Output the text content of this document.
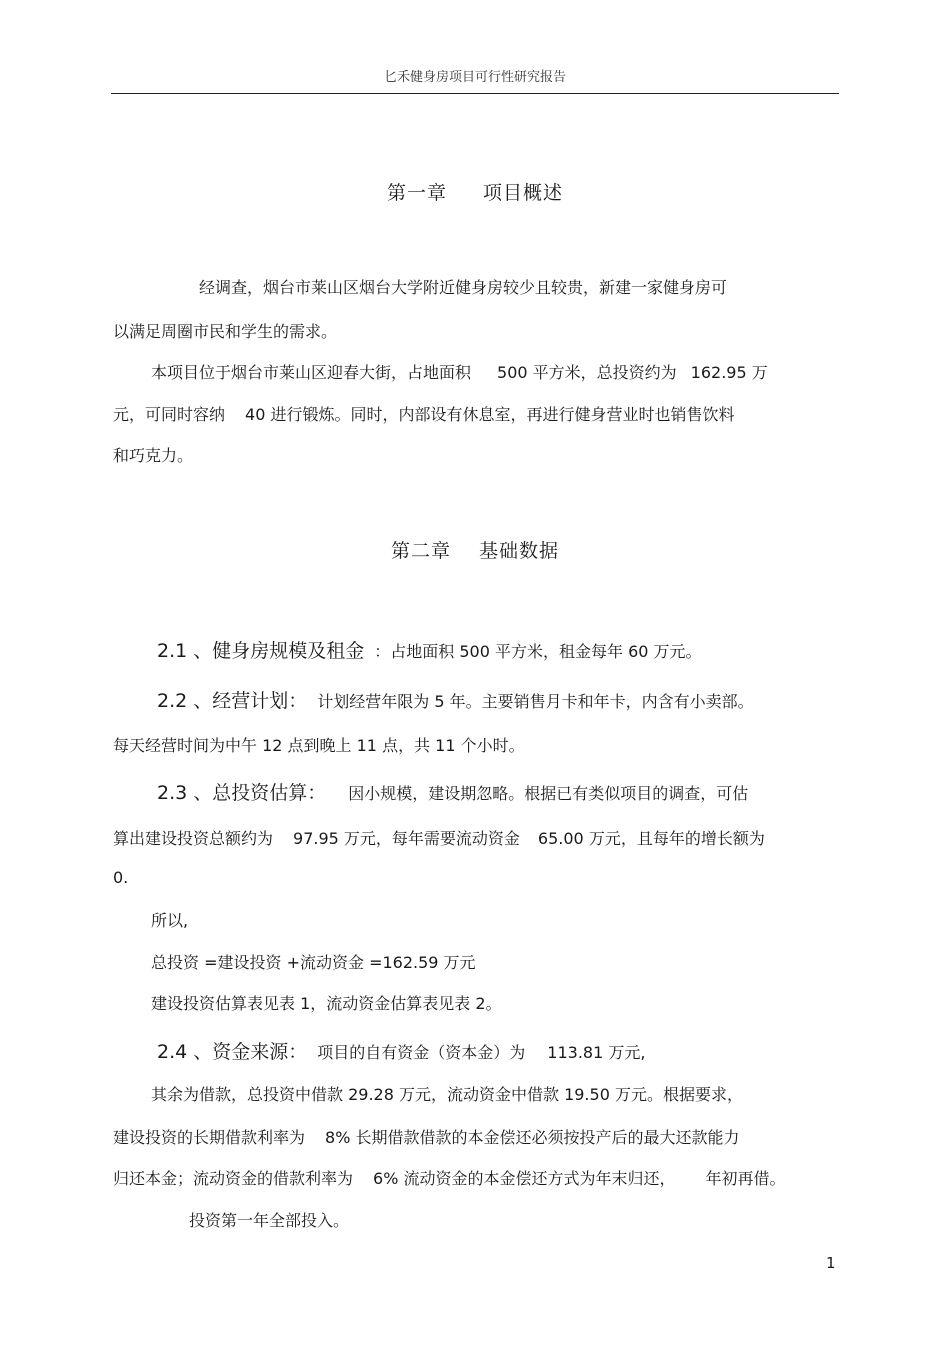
匕禾健身房项目可行性研究报告
第一章 项目概述
经调查，烟台市莱山区烟台大学附近健身房较少且较贵，新建一家健身房可
以满足周圈市民和学生的需求。
本项目位于烟台市莱山区迎春大街，占地面积 500 平方米，总投资约为 162.95 万
元，可同时容纳 40 进行锻炼。同时，内部设有休息室，再进行健身营业时也销售饮料
和巧克力。
第二章 基础数据
2.1 、健身房规模及租金 ：占地面积 500 平方米，租金每年 60 万元。
2.2 、经营计划： 计划经营年限为 5 年。主要销售月卡和年卡，内含有小卖部。
每天经营时间为中午 12 点到晚上 11 点，共 11 个小时。
2.3 、总投资估算： 因小规模，建设期忽略。根据已有类似项目的调查，可估
算出建设投资总额约为 97.95 万元，每年需要流动资金 65.00 万元，且每年的增长额为
0.
所以,
总投资 =建设投资 +流动资金 =162.59 万元
建设投资估算表见表 1，流动资金估算表见表 2。
2.4 、资金来源： 项目的自有资金（资本金）为 113.81 万元,
其余为借款，总投资中借款 29.28 万元，流动资金中借款 19.50 万元。根据要求，
建设投资的长期借款利率为 8% 长期借款借款的本金偿还必须按投产后的最大还款能力
归还本金；流动资金的借款利率为 6% 流动资金的本金偿还方式为年末归还， 年初再借。
投资第一年全部投入。
1
